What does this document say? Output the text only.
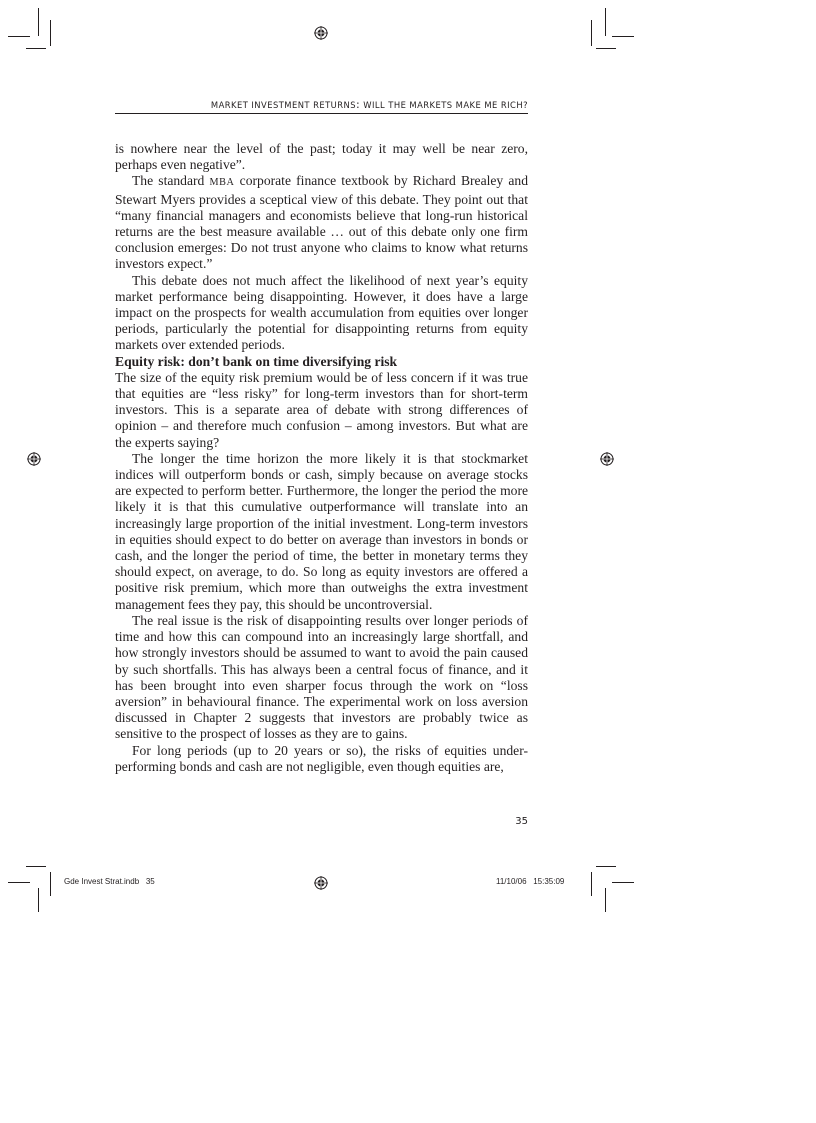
MARKET INVESTMENT RETURNS: WILL THE MARKETS MAKE ME RICH?

is nowhere near the level of the past; today it may well be near zero, perhaps even negative”.

The standard MBA corporate finance textbook by Richard Brealey and Stewart Myers provides a sceptical view of this debate. They point out that “many financial managers and economists believe that long-run historical returns are the best measure available … out of this debate only one firm conclusion emerges: Do not trust anyone who claims to know what returns investors expect.”

This debate does not much affect the likelihood of next year’s equity market performance being disappointing. However, it does have a large impact on the prospects for wealth accumulation from equities over longer periods, particularly the potential for disappointing returns from equity markets over extended periods.

Equity risk: don’t bank on time diversifying risk

The size of the equity risk premium would be of less concern if it was true that equities are “less risky” for long-term investors than for short-term investors. This is a separate area of debate with strong differences of opinion – and therefore much confusion – among investors. But what are the experts saying?

The longer the time horizon the more likely it is that stockmarket indices will outperform bonds or cash, simply because on average stocks are expected to perform better. Furthermore, the longer the period the more likely it is that this cumulative outperformance will translate into an increasingly large proportion of the initial investment. Long-term investors in equities should expect to do better on average than investors in bonds or cash, and the longer the period of time, the better in monetary terms they should expect, on average, to do. So long as equity investors are offered a positive risk premium, which more than outweighs the extra investment management fees they pay, this should be uncontroversial.

The real issue is the risk of disappointing results over longer periods of time and how this can compound into an increasingly large shortfall, and how strongly investors should be assumed to want to avoid the pain caused by such shortfalls. This has always been a central focus of finance, and it has been brought into even sharper focus through the work on “loss aversion” in behavioural finance. The experimental work on loss aversion discussed in Chapter 2 suggests that investors are probably twice as sensitive to the prospect of losses as they are to gains.

For long periods (up to 20 years or so), the risks of equities under-performing bonds and cash are not negligible, even though equities are,

35
Gde Invest Strat.indb   35	11/10/06   15:35:09
